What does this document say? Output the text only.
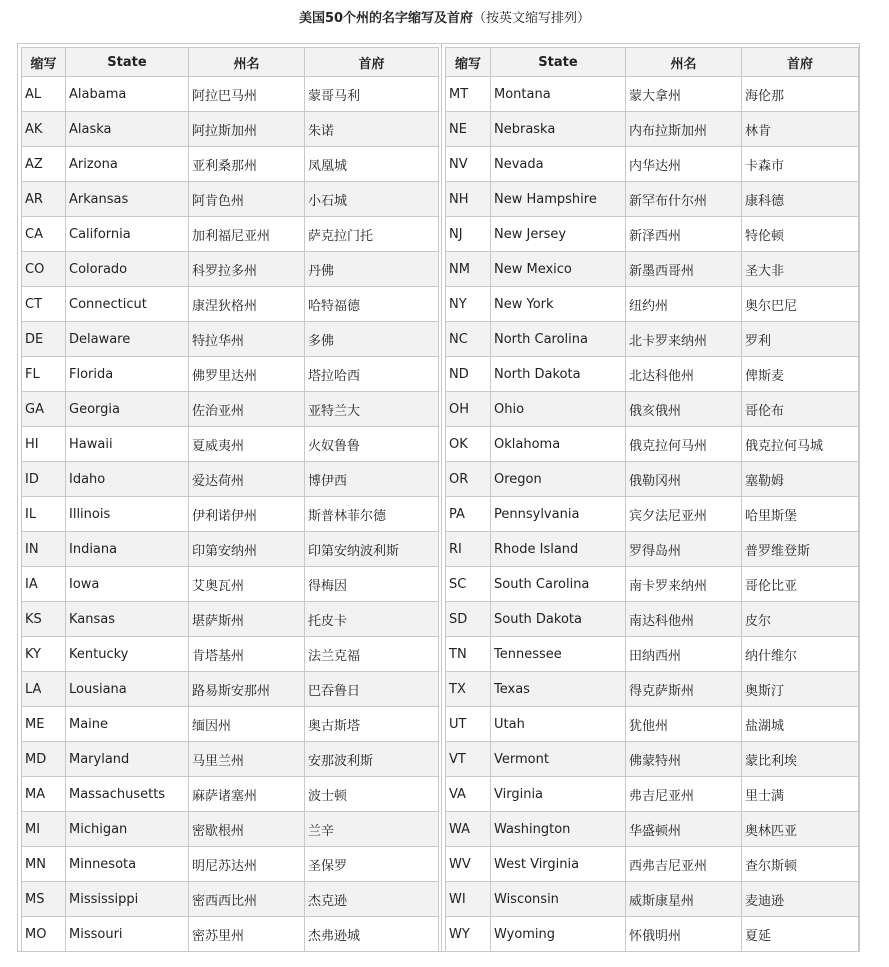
美国50个州的名字缩写及首府（按英文缩写排列）
缩写	State	州名	首府
AL	Alabama	阿拉巴马州	蒙哥马利
AK	Alaska	阿拉斯加州	朱诺
AZ	Arizona	亚利桑那州	凤凰城
AR	Arkansas	阿肯色州	小石城
CA	California	加利福尼亚州	萨克拉门托
CO	Colorado	科罗拉多州	丹佛
CT	Connecticut	康涅狄格州	哈特福德
DE	Delaware	特拉华州	多佛
FL	Florida	佛罗里达州	塔拉哈西
GA	Georgia	佐治亚州	亚特兰大
HI	Hawaii	夏威夷州	火奴鲁鲁
ID	Idaho	爱达荷州	博伊西
IL	Illinois	伊利诺伊州	斯普林菲尔德
IN	Indiana	印第安纳州	印第安纳波利斯
IA	Iowa	艾奥瓦州	得梅因
KS	Kansas	堪萨斯州	托皮卡
KY	Kentucky	肯塔基州	法兰克福
LA	Lousiana	路易斯安那州	巴吞鲁日
ME	Maine	缅因州	奥古斯塔
MD	Maryland	马里兰州	安那波利斯
MA	Massachusetts	麻萨诸塞州	波士顿
MI	Michigan	密歇根州	兰辛
MN	Minnesota	明尼苏达州	圣保罗
MS	Mississippi	密西西比州	杰克逊
MO	Missouri	密苏里州	杰弗逊城
缩写	State	州名	首府
MT	Montana	蒙大拿州	海伦那
NE	Nebraska	内布拉斯加州	林肯
NV	Nevada	内华达州	卡森市
NH	New Hampshire	新罕布什尔州	康科德
NJ	New Jersey	新泽西州	特伦顿
NM	New Mexico	新墨西哥州	圣大非
NY	New York	纽约州	奥尔巴尼
NC	North Carolina	北卡罗来纳州	罗利
ND	North Dakota	北达科他州	俾斯麦
OH	Ohio	俄亥俄州	哥伦布
OK	Oklahoma	俄克拉何马州	俄克拉何马城
OR	Oregon	俄勒冈州	塞勒姆
PA	Pennsylvania	宾夕法尼亚州	哈里斯堡
RI	Rhode Island	罗得岛州	普罗维登斯
SC	South Carolina	南卡罗来纳州	哥伦比亚
SD	South Dakota	南达科他州	皮尔
TN	Tennessee	田纳西州	纳什维尔
TX	Texas	得克萨斯州	奥斯汀
UT	Utah	犹他州	盐湖城
VT	Vermont	佛蒙特州	蒙比利埃
VA	Virginia	弗吉尼亚州	里士满
WA	Washington	华盛顿州	奥林匹亚
WV	West Virginia	西弗吉尼亚州	查尔斯顿
WI	Wisconsin	威斯康星州	麦迪逊
WY	Wyoming	怀俄明州	夏延
